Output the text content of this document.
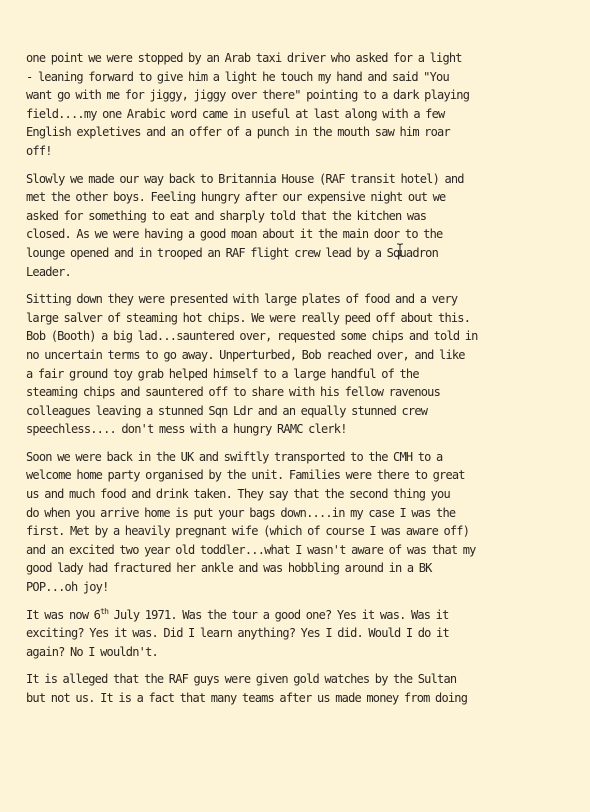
one point we were stopped by an Arab taxi driver who asked for a light
- leaning forward to give him a light he touch my hand and said "You
want go with me for jiggy, jiggy over there" pointing to a dark playing
field....my one Arabic word came in useful at last along with a few
English expletives and an offer of a punch in the mouth saw him roar
off!

Slowly we made our way back to Britannia House (RAF transit hotel) and
met the other boys. Feeling hungry after our expensive night out we
asked for something to eat and sharply told that the kitchen was
closed. As we were having a good moan about it the main door to the
lounge opened and in trooped an RAF flight crew lead by a Squadron
Leader.

Sitting down they were presented with large plates of food and a very
large salver of steaming hot chips. We were really peed off about this.
Bob (Booth) a big lad...sauntered over, requested some chips and told in
no uncertain terms to go away. Unperturbed, Bob reached over, and like
a fair ground toy grab helped himself to a large handful of the
steaming chips and sauntered off to share with his fellow ravenous
colleagues leaving a stunned Sqn Ldr and an equally stunned crew
speechless.... don't mess with a hungry RAMC clerk!

Soon we were back in the UK and swiftly transported to the CMH to a
welcome home party organised by the unit. Families were there to great
us and much food and drink taken. They say that the second thing you
do when you arrive home is put your bags down....in my case I was the
first. Met by a heavily pregnant wife (which of course I was aware off)
and an excited two year old toddler...what I wasn't aware of was that my
good lady had fractured her ankle and was hobbling around in a BK
POP...oh joy!

It was now 6th July 1971. Was the tour a good one? Yes it was. Was it
exciting? Yes it was. Did I learn anything? Yes I did. Would I do it
again? No I wouldn't.

It is alleged that the RAF guys were given gold watches by the Sultan
but not us. It is a fact that many teams after us made money from doing
